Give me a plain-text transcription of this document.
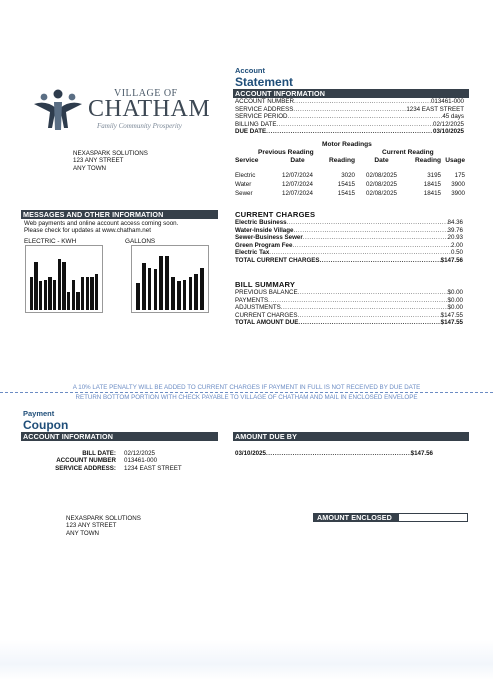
Account
Statement
VILLAGE OF
CHATHAM
Family Community Prosperity
ACCOUNT INFORMATION
ACCOUNT NUMBER .....	013461-000
SERVICE ADDRESS .....	1234 EAST STREET
SERVICE PERIOD .....	45 days
BILLING DATE .....	02/12/2025
DUE DATE .....	03/10/2025
NEXASPARK SOLUTIONS
123 ANY STREET
ANY TOWN
Motor Readings
Previous Reading	Current Reading
Service	Date	Reading	Date	Reading	Usage

Electric	12/07/2024	3020	02/08/2025	3195	175
Water	12/07/2024	15415	02/08/2025	18415	3900
Sewer	12/07/2024	15415	02/08/2025	18415	3900
MESSAGES AND OTHER INFORMATION
Web payments and online account access coming soon.
Please check for updates at www.chatham.net
ELECTRIC - KWH	GALLONS
CURRENT CHARGES
Electric Business .....	84.36
Water-Inside Village .....	39.76
Sewer-Business Sewer .....	20.93
Green Program Fee .....	2.00
Electric Tax .....	0.50
TOTAL CURRENT CHARGES .....	$147.56
BILL SUMMARY
PREVIOUS BALANCE .....	$0.00
PAYMENTS .....	$0.00
ADJUSTMENTS .....	$0.00
CURRENT CHARGES .....	$147.55
TOTAL AMOUNT DUE .....	$147.55
A 10% LATE PENALTY WILL BE ADDED TO CURRENT CHARGES IF PAYMENT IN FULL IS NOT RECEIVED BY DUE DATE
RETURN BOTTOM PORTION WITH CHECK PAYABLE TO VILLAGE OF CHATHAM AND MAIL IN ENCLOSED ENVELOPE
Payment
Coupon
ACCOUNT INFORMATION	AMOUNT DUE BY
BILL DATE: 02/12/2025
ACCOUNT NUMBER 013461-000
SERVICE ADDRESS: 1234 EAST STREET
03/10/2025 .....	$147.56
NEXASPARK SOLUTIONS
123 ANY STREET
ANY TOWN
AMOUNT ENCLOSED
